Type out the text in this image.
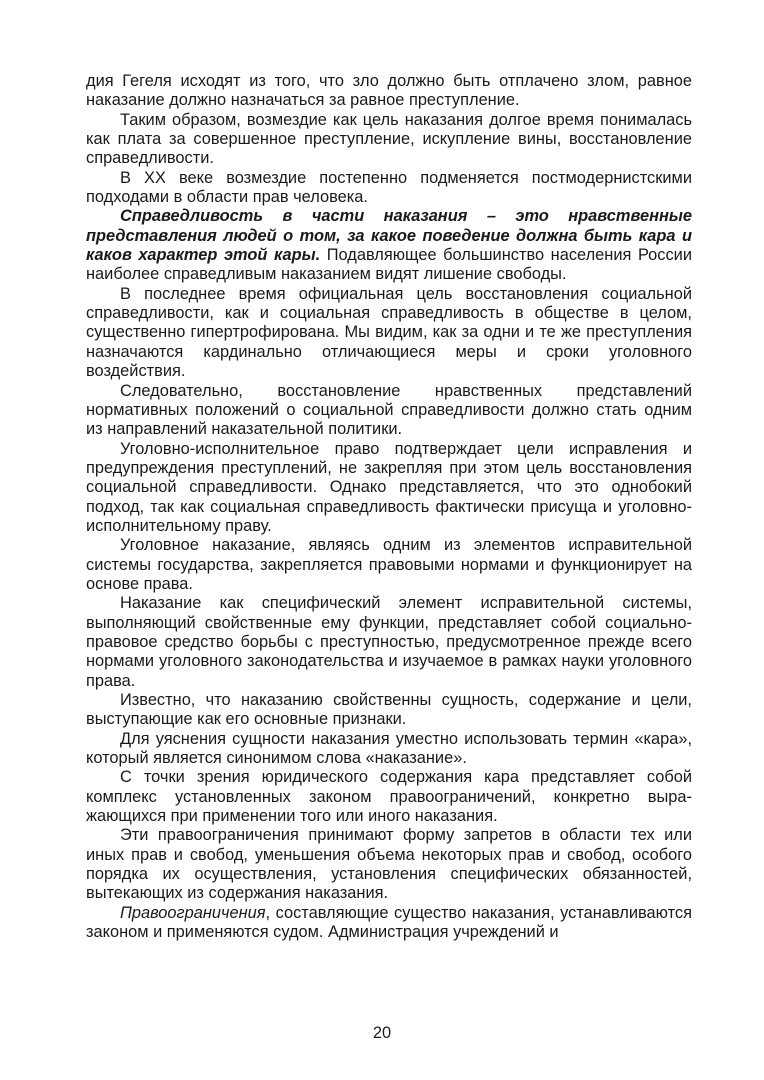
дия Гегеля исходят из того, что зло должно быть отплачено злом, равное наказание должно назначаться за равное преступление.

Таким образом, возмездие как цель наказания долгое время понималась как плата за совершенное преступление, искупление вины, восстановление справедливости.

В XX веке возмездие постепенно подменяется постмодернистскими подходами в области прав человека.

Справедливость в части наказания – это нравственные представления людей о том, за какое поведение должна быть кара и каков характер этой кары. Подавляющее большинство населения России наиболее справедливым наказанием видят лишение свободы.

В последнее время официальная цель восстановления социальной справедливости, как и социальная справедливость в обществе в целом, существенно гипертрофирована. Мы видим, как за одни и те же преступления назначаются кардинально отличающиеся меры и сроки уголовного воздействия.

Следовательно, восстановление нравственных представлений нормативных положений о социальной справедливости должно стать одним из направлений наказательной политики.

Уголовно-исполнительное право подтверждает цели исправления и предупреждения преступлений, не закрепляя при этом цель восстановления социальной справедливости. Однако представляется, что это однобокий подход, так как социальная справедливость фактически присуща и уголовно-исполнительному праву.

Уголовное наказание, являясь одним из элементов исправительной системы государства, закрепляется правовыми нормами и функционирует на основе права.

Наказание как специфический элемент исправительной системы, выполняющий свойственные ему функции, представляет собой социально-правовое средство борьбы с преступностью, предусмотренное прежде всего нормами уголовного законодательства и изучаемое в рамках науки уголовного права.

Известно, что наказанию свойственны сущность, содержание и цели, выступающие как его основные признаки.

Для уяснения сущности наказания уместно использовать термин «кара», который является синонимом слова «наказание».

С точки зрения юридического содержания кара представляет собой комплекс установленных законом правоограничений, конкретно выражающихся при применении того или иного наказания.

Эти правоограничения принимают форму запретов в области тех или иных прав и свобод, уменьшения объема некоторых прав и свобод, особого порядка их осуществления, установления специфических обязанностей, вытекающих из содержания наказания.

Правоограничения, составляющие существо наказания, устанавливаются законом и применяются судом. Администрация учреждений и

20
